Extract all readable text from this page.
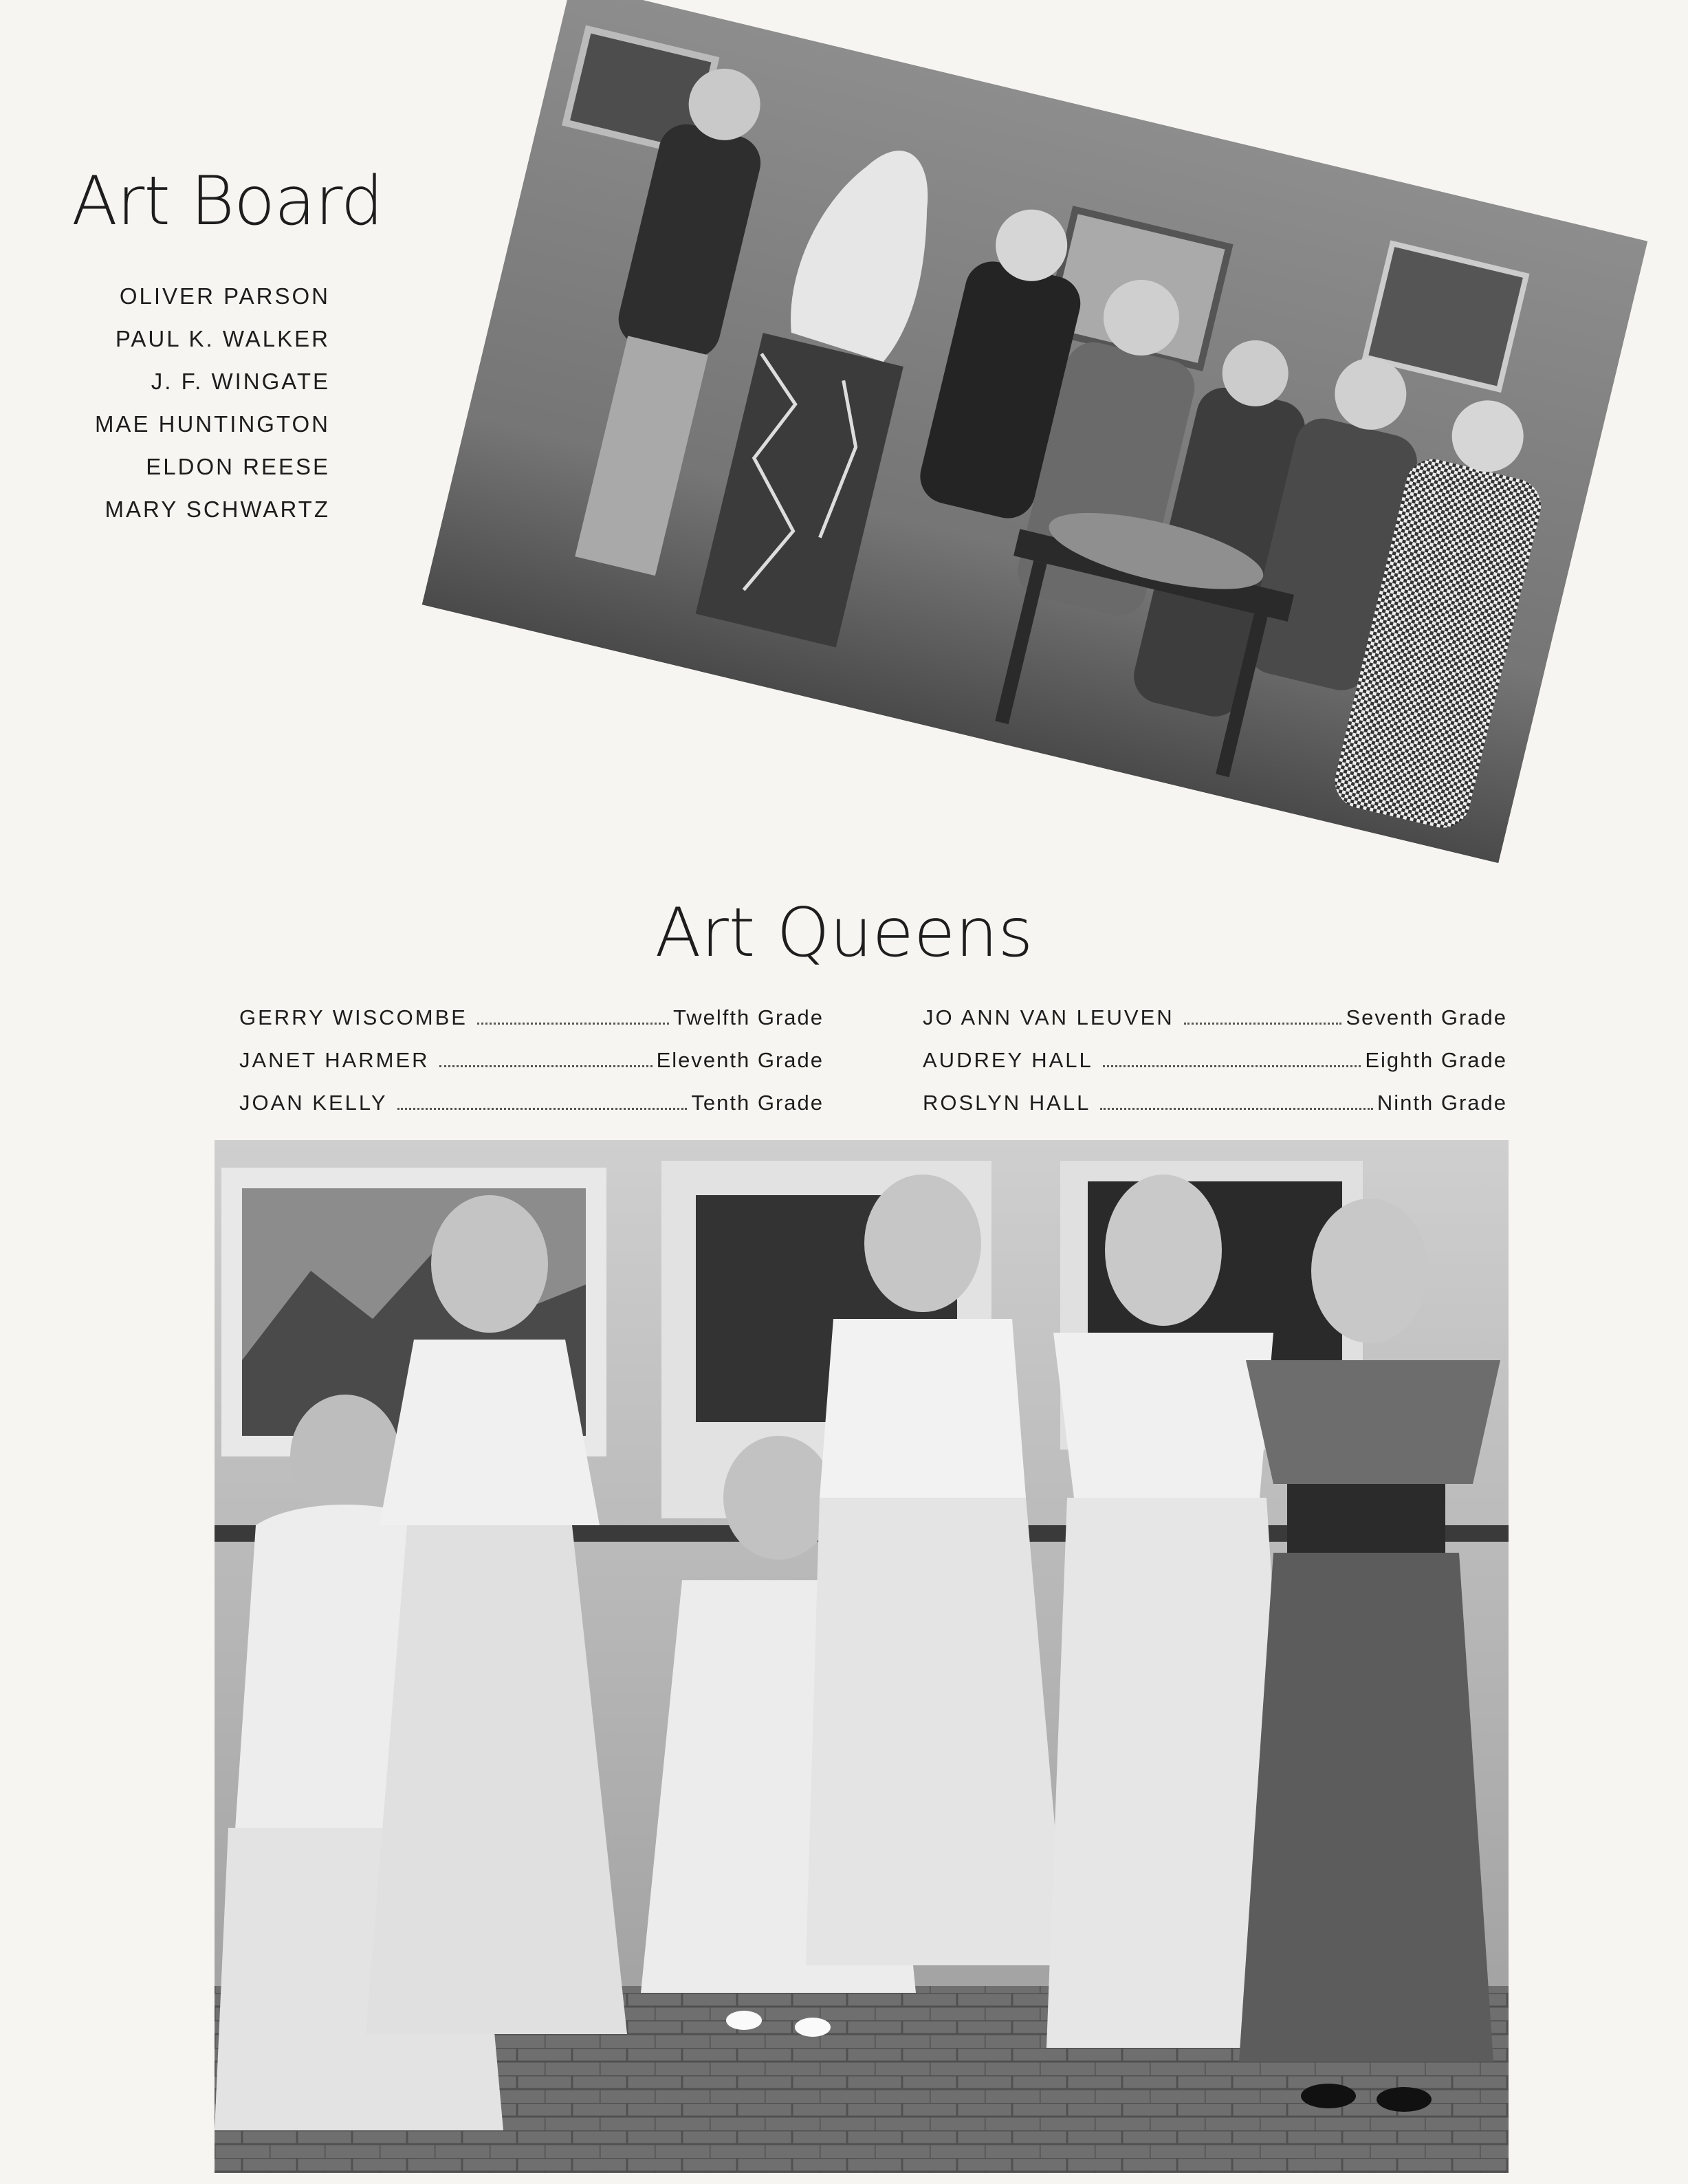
Art Board
OLIVER PARSON
PAUL K. WALKER
J. F. WINGATE
MAE HUNTINGTON
ELDON REESE
MARY SCHWARTZ
Art Queens
GERRY WISCOMBE	Twelfth Grade
JANET HARMER	Eleventh Grade
JOAN KELLY	Tenth Grade
JO ANN VAN LEUVEN	Seventh Grade
AUDREY HALL	Eighth Grade
ROSLYN HALL	Ninth Grade
